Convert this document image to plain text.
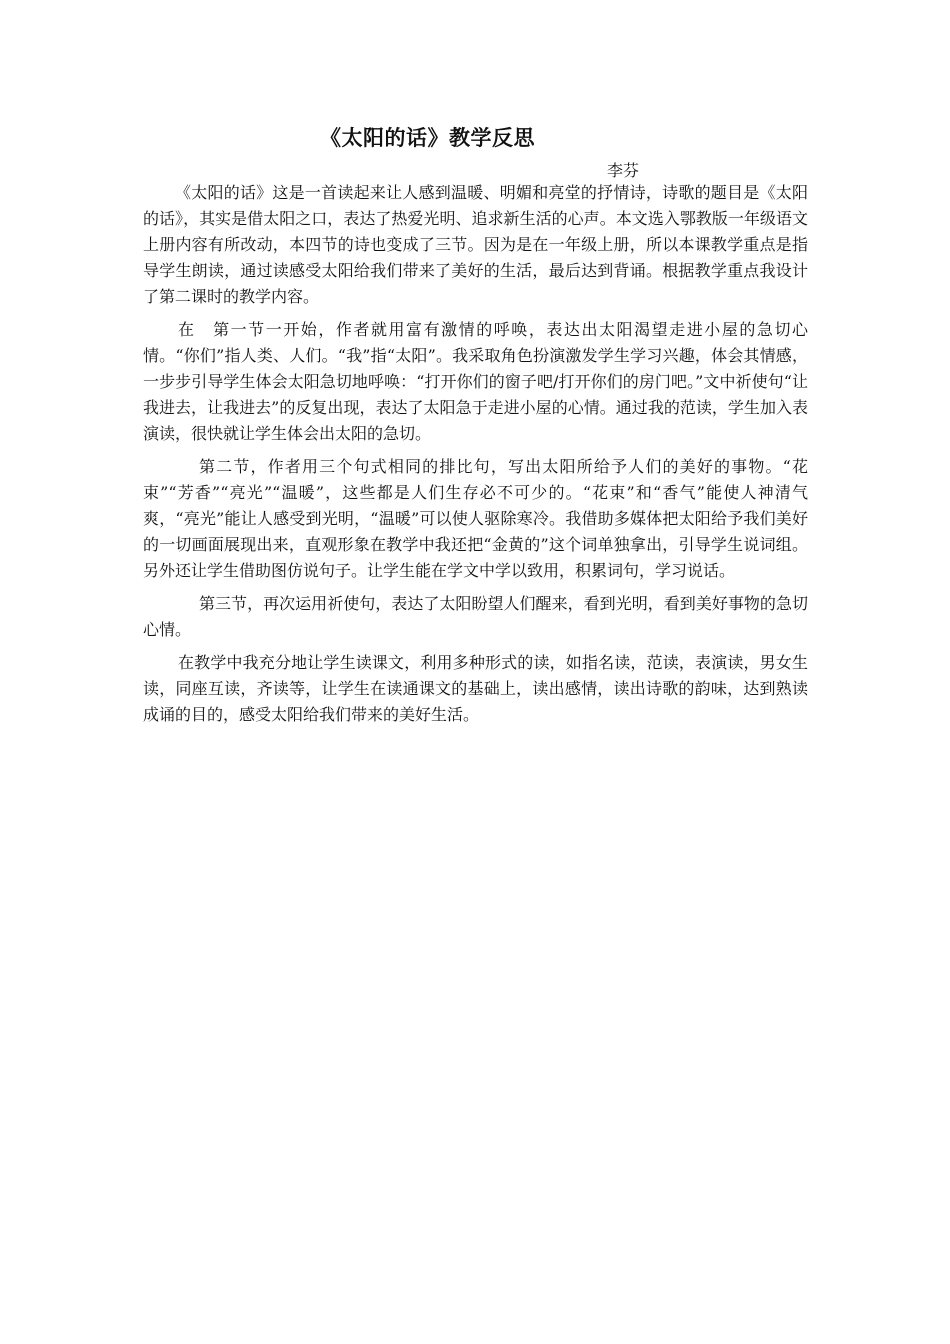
《太阳的话》教学反思
李芬

《太阳的话》这是一首读起来让人感到温暖、明媚和亮堂的抒情诗，诗歌的题目是《太阳的话》，其实是借太阳之口，表达了热爱光明、追求新生活的心声。本文选入鄂教版一年级语文上册内容有所改动，本四节的诗也变成了三节。因为是在一年级上册，所以本课教学重点是指导学生朗读，通过读感受太阳给我们带来了美好的生活，最后达到背诵。根据教学重点我设计了第二课时的教学内容。

在　第一节一开始，作者就用富有激情的呼唤，表达出太阳渴望走进小屋的急切心情。“你们”指人类、人们。“我”指“太阳”。我采取角色扮演激发学生学习兴趣，体会其情感，一步步引导学生体会太阳急切地呼唤：“打开你们的窗子吧/打开你们的房门吧。”文中祈使句“让我进去，让我进去”的反复出现，表达了太阳急于走进小屋的心情。通过我的范读，学生加入表演读，很快就让学生体会出太阳的急切。

第二节，作者用三个句式相同的排比句，写出太阳所给予人们的美好的事物。“花束”“芳香”“亮光”“温暖”，这些都是人们生存必不可少的。“花束”和“香气”能使人神清气爽，“亮光”能让人感受到光明，“温暖”可以使人驱除寒冷。我借助多媒体把太阳给予我们美好的一切画面展现出来，直观形象在教学中我还把“金黄的”这个词单独拿出，引导学生说词组。另外还让学生借助图仿说句子。让学生能在学文中学以致用，积累词句，学习说话。

第三节，再次运用祈使句，表达了太阳盼望人们醒来，看到光明，看到美好事物的急切心情。

在教学中我充分地让学生读课文，利用多种形式的读，如指名读，范读，表演读，男女生读，同座互读，齐读等，让学生在读通课文的基础上，读出感情，读出诗歌的韵味，达到熟读成诵的目的，感受太阳给我们带来的美好生活。
